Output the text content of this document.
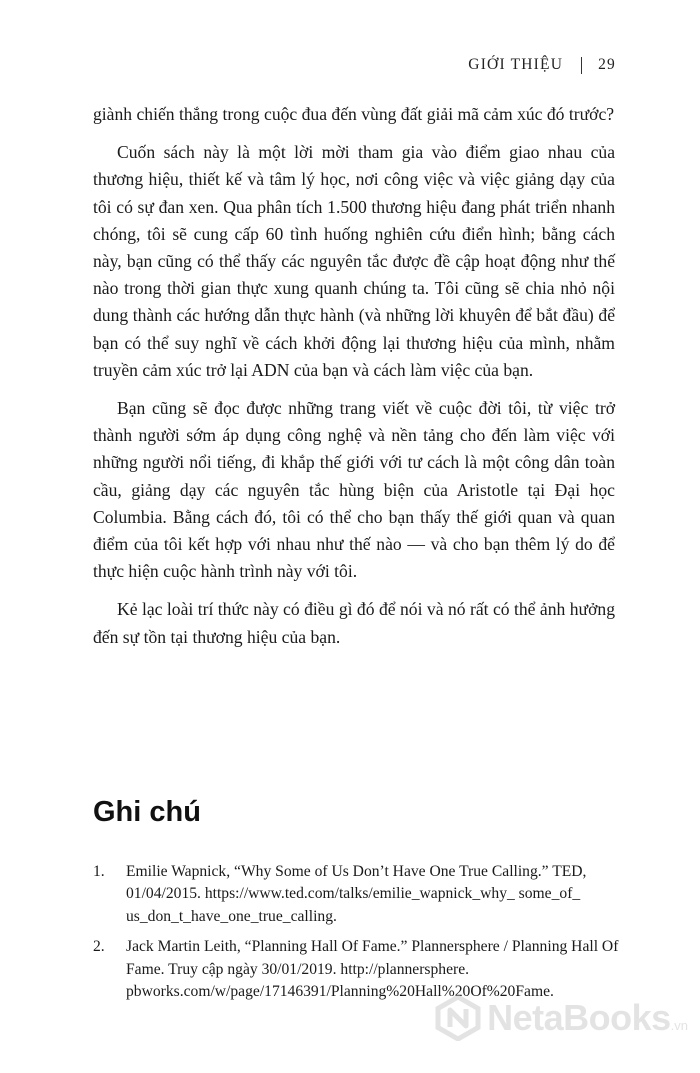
GIỚI THIỆU 29

giành chiến thắng trong cuộc đua đến vùng đất giải mã cảm xúc đó trước?

Cuốn sách này là một lời mời tham gia vào điểm giao nhau của thương hiệu, thiết kế và tâm lý học, nơi công việc và việc giảng dạy của tôi có sự đan xen. Qua phân tích 1.500 thương hiệu đang phát triển nhanh chóng, tôi sẽ cung cấp 60 tình huống nghiên cứu điển hình; bằng cách này, bạn cũng có thể thấy các nguyên tắc được đề cập hoạt động như thế nào trong thời gian thực xung quanh chúng ta. Tôi cũng sẽ chia nhỏ nội dung thành các hướng dẫn thực hành (và những lời khuyên để bắt đầu) để bạn có thể suy nghĩ về cách khởi động lại thương hiệu của mình, nhằm truyền cảm xúc trở lại ADN của bạn và cách làm việc của bạn.

Bạn cũng sẽ đọc được những trang viết về cuộc đời tôi, từ việc trở thành người sớm áp dụng công nghệ và nền tảng cho đến làm việc với những người nổi tiếng, đi khắp thế giới với tư cách là một công dân toàn cầu, giảng dạy các nguyên tắc hùng biện của Aristotle tại Đại học Columbia. Bằng cách đó, tôi có thể cho bạn thấy thế giới quan và quan điểm của tôi kết hợp với nhau như thế nào — và cho bạn thêm lý do để thực hiện cuộc hành trình này với tôi.

Kẻ lạc loài trí thức này có điều gì đó để nói và nó rất có thể ảnh hưởng đến sự tồn tại thương hiệu của bạn.

Ghi chú
1.	Emilie Wapnick, “Why Some of Us Don’t Have One True Calling.” TED, 01/04/2015. https://www.ted.com/talks/emilie_wapnick_why_ some_of_ us_don_t_have_one_true_calling.
2.	Jack Martin Leith, “Planning Hall Of Fame.” Plannersphere / Planning Hall Of Fame. Truy cập ngày 30/01/2019. http://plannersphere. pbworks.com/w/page/17146391/Planning%20Hall%20Of%20Fame.
NetaBooks .vn
